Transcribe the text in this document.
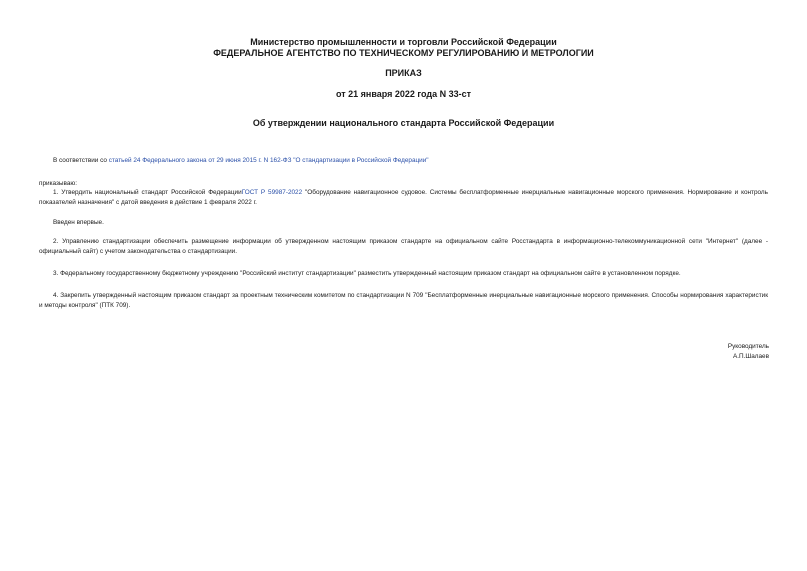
Министерство промышленности и торговли Российской Федерации
ФЕДЕРАЛЬНОЕ АГЕНТСТВО ПО ТЕХНИЧЕСКОМУ РЕГУЛИРОВАНИЮ И МЕТРОЛОГИИ
ПРИКАЗ
от 21 января 2022 года N 33-ст
Об утверждении национального стандарта Российской Федерации
В соответствии со статьей 24 Федерального закона от 29 июня 2015 г. N 162-ФЗ "О стандартизации в Российской Федерации"
приказываю:
1. Утвердить национальный стандарт Российской ФедерацииГОСТ Р 59987-2022 "Оборудование навигационное судовое. Системы бесплатформенные инерциальные навигационные морского применения. Нормирование и контроль показателей назначения" с датой введения в действие 1 февраля 2022 г.
Введен впервые.
2. Управлению стандартизации обеспечить размещение информации об утвержденном настоящим приказом стандарте на официальном сайте Росстандарта в информационно-телекоммуникационной сети "Интернет" (далее - официальный сайт) с учетом законодательства о стандартизации.
3. Федеральному государственному бюджетному учреждению "Российский институт стандартизации" разместить утвержденный настоящим приказом стандарт на официальном сайте в установленном порядке.
4. Закрепить утвержденный настоящим приказом стандарт за проектным техническим комитетом по стандартизации N 709 "Бесплатформенные инерциальные навигационные морского применения. Способы нормирования характеристик и методы контроля" (ПТК 709).
Руководитель
А.П.Шалаев
